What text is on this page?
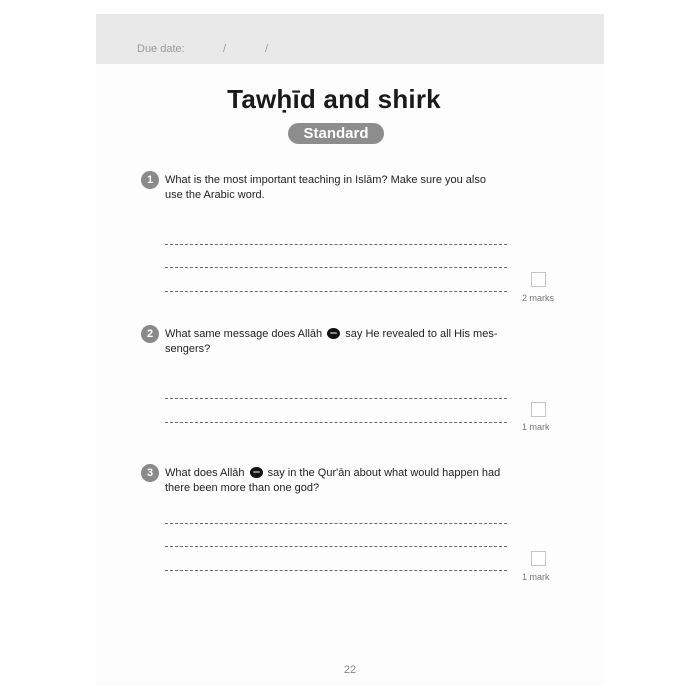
Due date:	/	/
Tawḥīd and shirk
Standard
1	What is the most important teaching in Islām? Make sure you also
use the Arabic word.
2 marks
2	What same message does Allāh say He revealed to all His mes-
sengers?
1 mark
3	What does Allāh say in the Qur'ān about what would happen had
there been more than one god?
1 mark
22
